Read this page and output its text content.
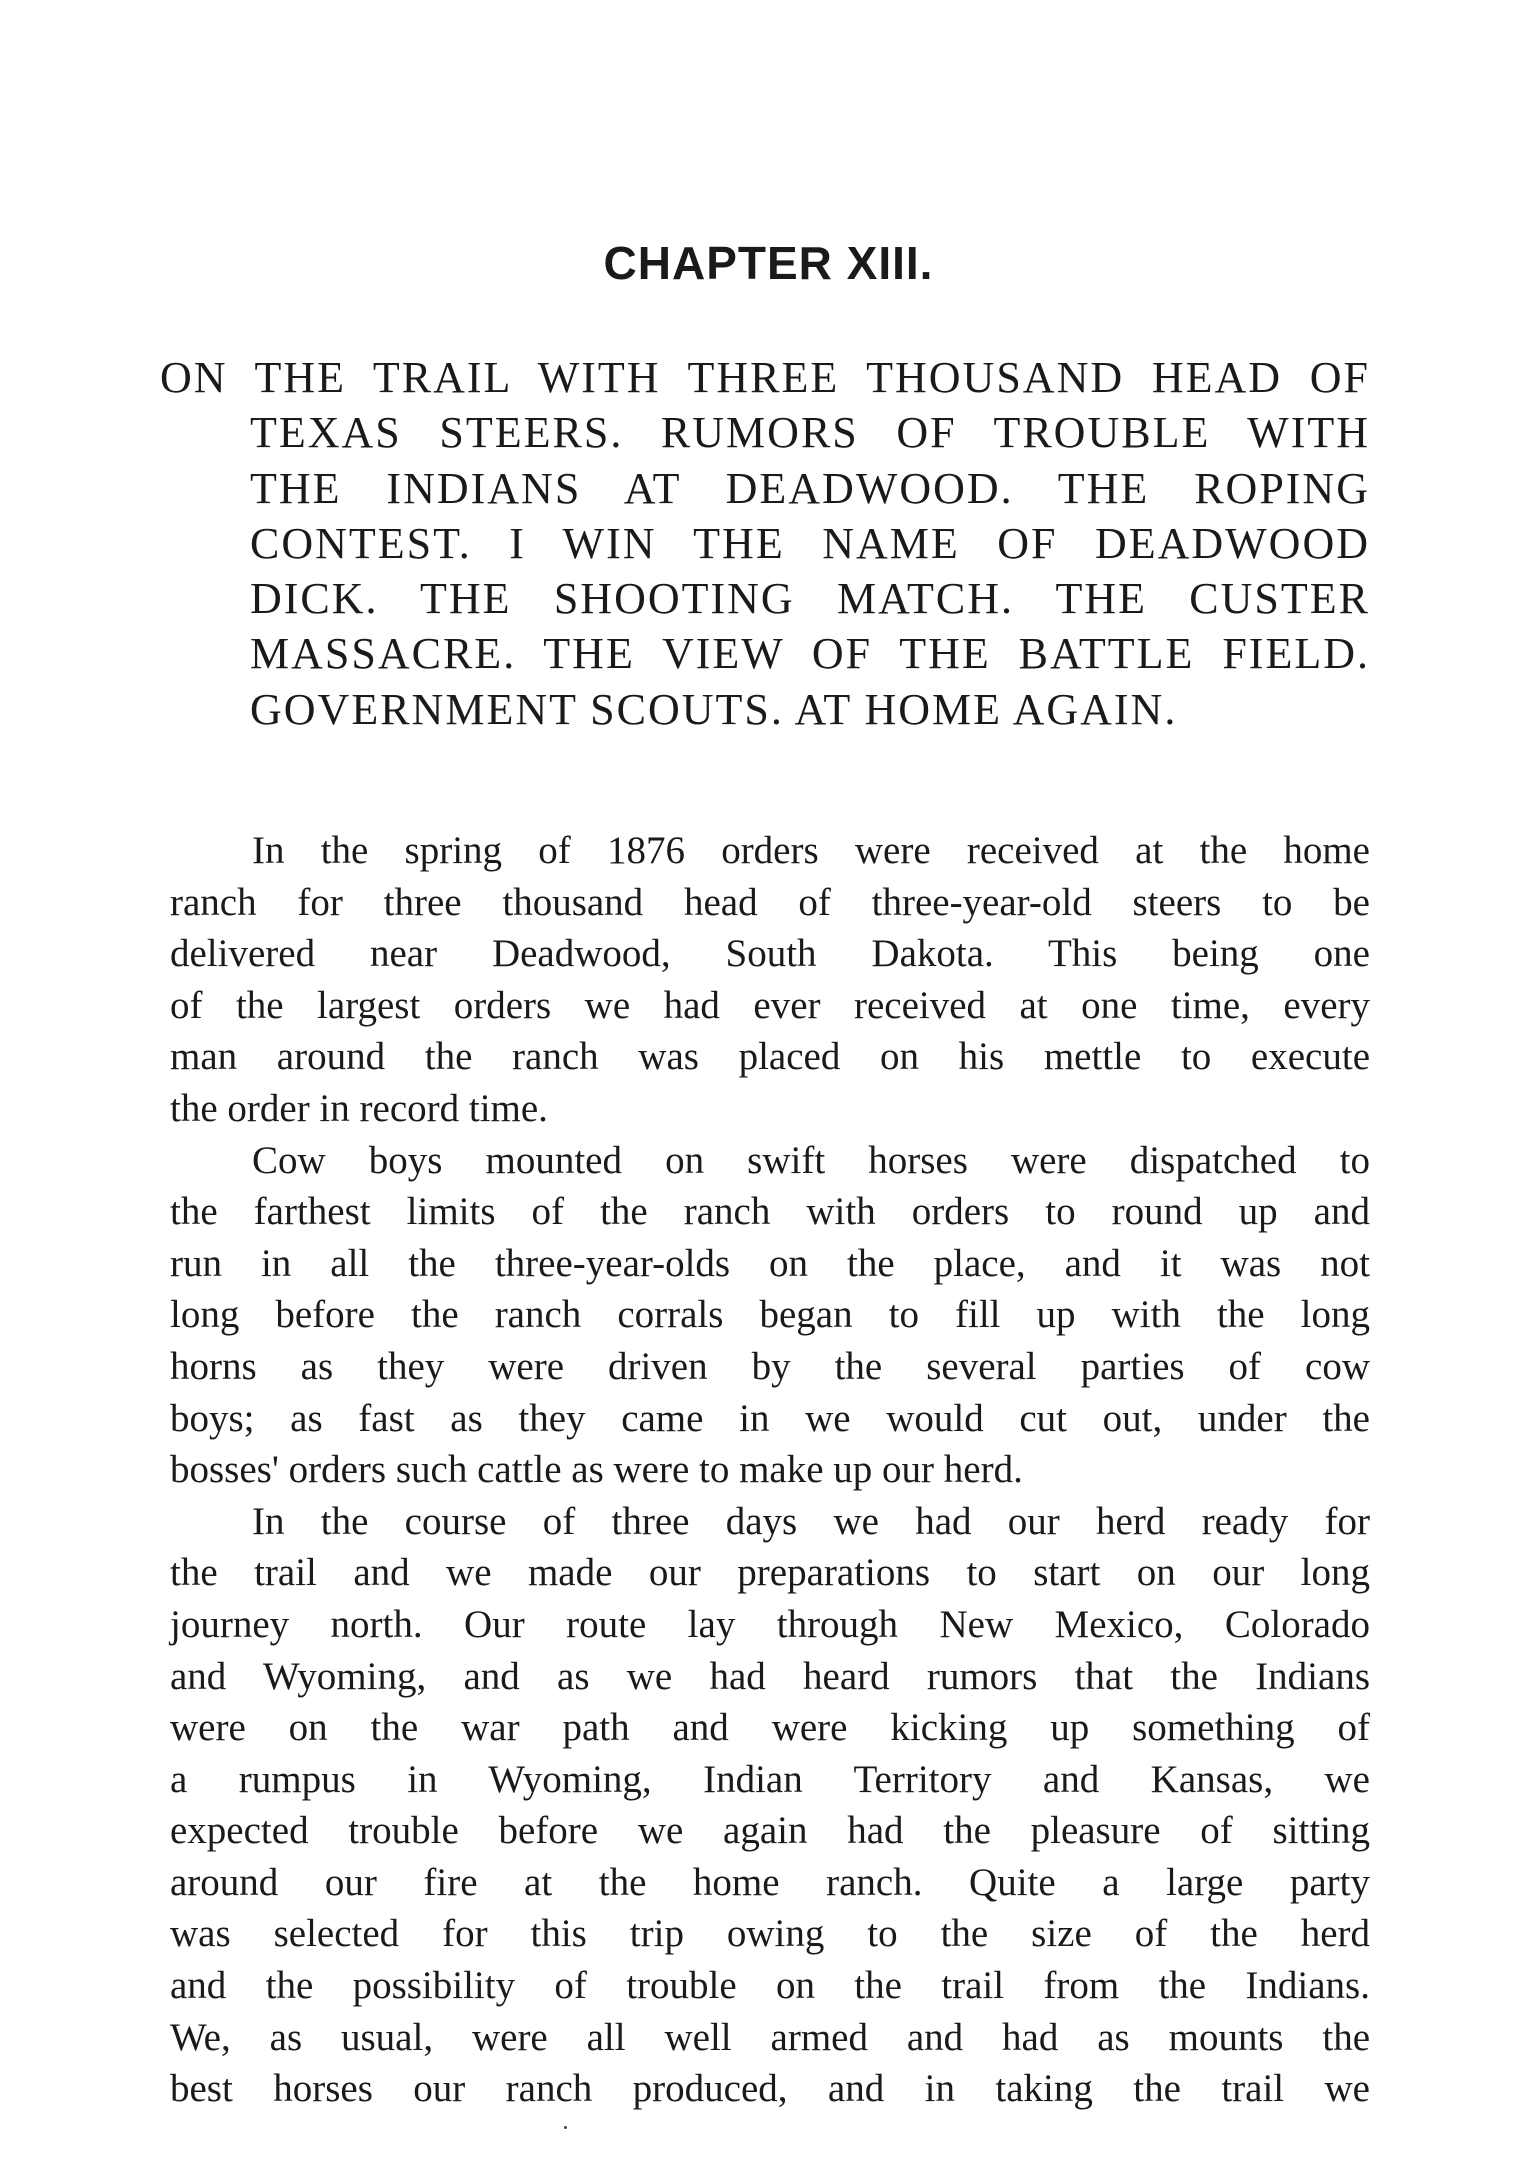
CHAPTER XIII.
ON THE TRAIL WITH THREE THOUSAND HEAD OF
TEXAS STEERS. RUMORS OF TROUBLE WITH
THE INDIANS AT DEADWOOD. THE ROPING
CONTEST. I WIN THE NAME OF DEADWOOD
DICK. THE SHOOTING MATCH. THE CUSTER
MASSACRE. THE VIEW OF THE BATTLE FIELD.
GOVERNMENT SCOUTS. AT HOME AGAIN.
In the spring of 1876 orders were received at the home
ranch for three thousand head of three-year-old steers to be
delivered near Deadwood, South Dakota. This being one
of the largest orders we had ever received at one time, every
man around the ranch was placed on his mettle to execute
the order in record time.
Cow boys mounted on swift horses were dispatched to
the farthest limits of the ranch with orders to round up and
run in all the three-year-olds on the place, and it was not
long before the ranch corrals began to fill up with the long
horns as they were driven by the several parties of cow
boys; as fast as they came in we would cut out, under the
bosses' orders such cattle as were to make up our herd.
In the course of three days we had our herd ready for
the trail and we made our preparations to start on our long
journey north. Our route lay through New Mexico, Colorado
and Wyoming, and as we had heard rumors that the Indians
were on the war path and were kicking up something of
a rumpus in Wyoming, Indian Territory and Kansas, we
expected trouble before we again had the pleasure of sitting
around our fire at the home ranch. Quite a large party
was selected for this trip owing to the size of the herd
and the possibility of trouble on the trail from the Indians.
We, as usual, were all well armed and had as mounts the
best horses our ranch produced, and in taking the trail we
